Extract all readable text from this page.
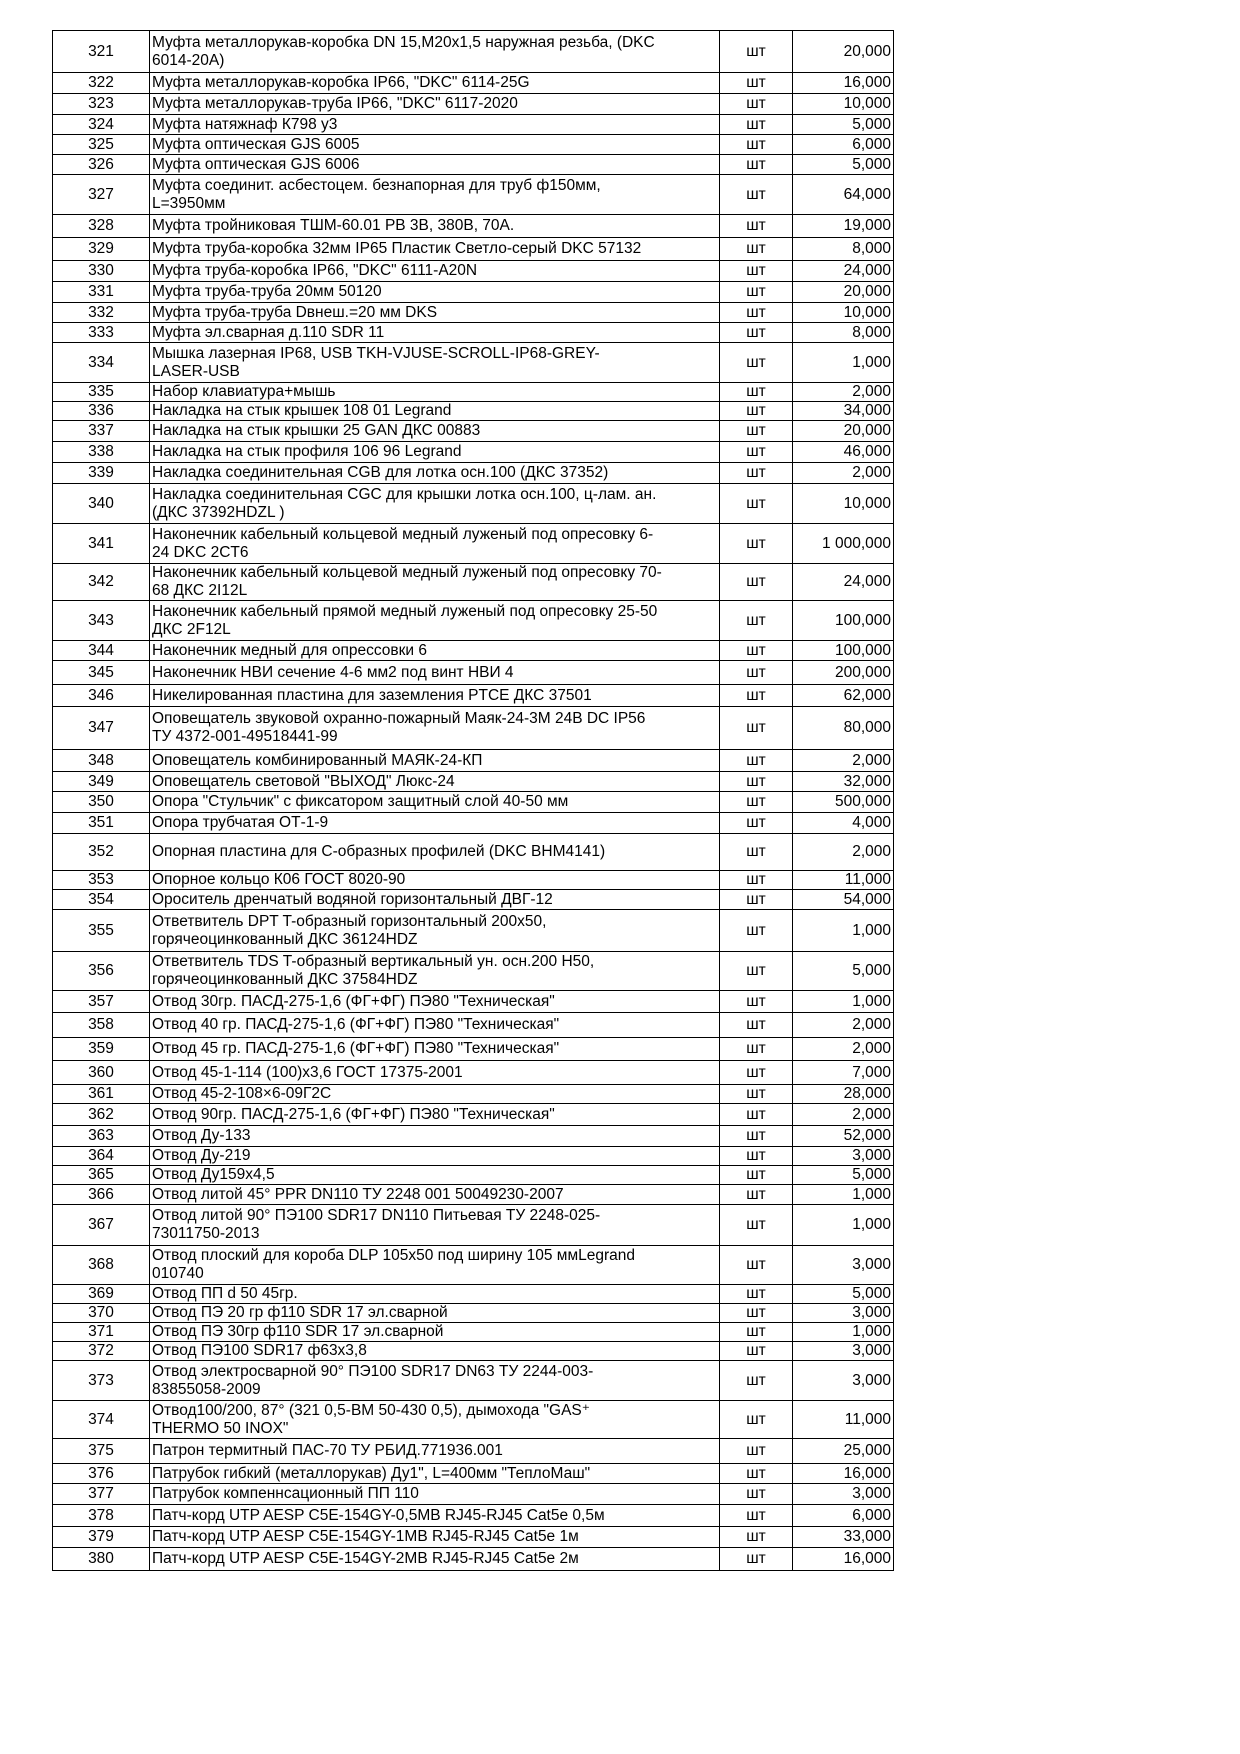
321	Муфта металлорукав-коробка DN 15,M20x1,5 наружная резьба, (DKC
6014-20A)	шт	20,000
322	Муфта металлорукав-коробка IP66, "DKC" 6114-25G	шт	16,000
323	Муфта металлорукав-труба IP66, "DKC" 6117-2020	шт	10,000
324	Муфта натяжнаф К798 у3	шт	5,000
325	Муфта оптическая GJS 6005	шт	6,000
326	Муфта оптическая GJS 6006	шт	5,000
327	Муфта соединит. асбестоцем. безнапорная для труб ф150мм,
L=3950мм	шт	64,000
328	Муфта тройниковая ТШМ-60.01 РВ 3В, 380В, 70А.	шт	19,000
329	Муфта труба-коробка 32мм IP65 Пластик Светло-серый DKC 57132	шт	8,000
330	Муфта труба-коробка IP66, "DKC" 6111-A20N	шт	24,000
331	Муфта труба-труба 20мм 50120	шт	20,000
332	Муфта труба-труба Dвнеш.=20 мм DKS	шт	10,000
333	Муфта эл.сварная д.110 SDR 11	шт	8,000
334	Мышка лазерная IP68, USB TKH-VJUSE-SCROLL-IP68-GREY-
LASER-USB	шт	1,000
335	Набор клавиатура+мышь	шт	2,000
336	Накладка на стык крышек 108 01 Legrand	шт	34,000
337	Накладка на стык крышки 25 GAN ДКС 00883	шт	20,000
338	Накладка на стык профиля 106 96 Legrand	шт	46,000
339	Накладка соединительная CGB для лотка осн.100 (ДКС 37352)	шт	2,000
340	Накладка соединительная CGC для крышки лотка осн.100, ц-лам. ан.
(ДКС 37392HDZL )	шт	10,000
341	Наконечник кабельный кольцевой медный луженый под опресовку 6-
24 DKC 2CT6	шт	1 000,000
342	Наконечник кабельный кольцевой медный луженый под опресовку 70-
68 ДКС 2I12L	шт	24,000
343	Наконечник кабельный прямой медный луженый под опресовку 25-50
ДКС 2F12L	шт	100,000
344	Наконечник медный для опрессовки 6	шт	100,000
345	Наконечник НВИ сечение 4-6 мм2 под винт НВИ 4	шт	200,000
346	Никелированная пластина для заземления PTCE ДКС 37501	шт	62,000
347	Оповещатель звуковой охранно-пожарный Маяк-24-3М 24В DC IP56
ТУ 4372-001-49518441-99	шт	80,000
348	Оповещатель комбинированный МАЯК-24-КП	шт	2,000
349	Оповещатель световой "ВЫХОД" Люкс-24	шт	32,000
350	Опора "Стульчик" с фиксатором защитный слой 40-50 мм	шт	500,000
351	Опора трубчатая ОТ-1-9	шт	4,000
352	Опорная пластина для С-образных профилей (DKC BHM4141)	шт	2,000
353	Опорное кольцо К06 ГОСТ 8020-90	шт	11,000
354	Ороситель дренчатый водяной горизонтальный ДВГ-12	шт	54,000
355	Ответвитель DPT T-образный горизонтальный 200х50,
горячеоцинкованный ДКС 36124HDZ	шт	1,000
356	Ответвитель TDS T-образный вертикальный ун. осн.200 H50,
горячеоцинкованный ДКС 37584HDZ	шт	5,000
357	Отвод 30гр. ПАСД-275-1,6 (ФГ+ФГ) ПЭ80 "Техническая"	шт	1,000
358	Отвод 40 гр. ПАСД-275-1,6 (ФГ+ФГ) ПЭ80 "Техническая"	шт	2,000
359	Отвод 45 гр. ПАСД-275-1,6 (ФГ+ФГ) ПЭ80 "Техническая"	шт	2,000
360	Отвод 45-1-114 (100)х3,6 ГОСТ 17375-2001	шт	7,000
361	Отвод 45-2-108×6-09Г2С	шт	28,000
362	Отвод 90гр. ПАСД-275-1,6 (ФГ+ФГ) ПЭ80 "Техническая"	шт	2,000
363	Отвод Ду-133	шт	52,000
364	Отвод Ду-219	шт	3,000
365	Отвод Ду159х4,5	шт	5,000
366	Отвод литой 45° PPR DN110 ТУ 2248 001 50049230-2007	шт	1,000
367	Отвод литой 90° ПЭ100 SDR17 DN110 Питьевая ТУ 2248-025-
73011750-2013	шт	1,000
368	Отвод плоский для короба DLP 105x50 под ширину 105 ммLegrand
010740	шт	3,000
369	Отвод ПП d 50 45гр.	шт	5,000
370	Отвод ПЭ 20 гр ф110 SDR 17 эл.сварной	шт	3,000
371	Отвод ПЭ 30гр ф110 SDR 17 эл.сварной	шт	1,000
372	Отвод ПЭ100 SDR17 ф63х3,8	шт	3,000
373	Отвод электросварной 90° ПЭ100 SDR17 DN63 ТУ 2244-003-
83855058-2009	шт	3,000
374	Отвод100/200, 87° (321 0,5-ВМ 50-430 0,5), дымохода "GAS⁺
THERMO 50 INOX"	шт	11,000
375	Патрон термитный ПАС-70 ТУ РБИД.771936.001	шт	25,000
376	Патрубок гибкий (металлорукав) Ду1", L=400мм "ТеплоМаш"	шт	16,000
377	Патрубок компеннсационный ПП 110	шт	3,000
378	Патч-корд UTP AESP C5E-154GY-0,5MB RJ45-RJ45 Cat5e 0,5м	шт	6,000
379	Патч-корд UTP AESP C5E-154GY-1MB RJ45-RJ45 Cat5e 1м	шт	33,000
380	Патч-корд UTP AESP C5E-154GY-2MB RJ45-RJ45 Cat5e 2м	шт	16,000
